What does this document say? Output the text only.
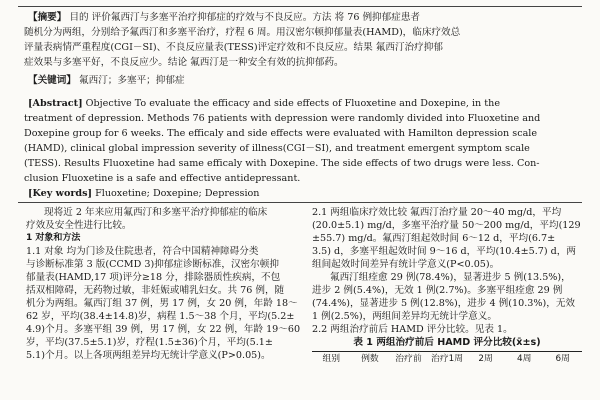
【摘要】 目的 评价氟西汀与多塞平治疗抑郁症的疗效与不良反应。方法 将 76 例抑郁症患者
随机分为两组，分别给予氟西汀和多塞平治疗，疗程 6 周。用汉密尔顿抑郁量表(HAMD)，临床疗效总
评量表病情严重程度(CGI－SI)、不良反应量表(TESS)评定疗效和不良反应。结果 氟西汀治疗抑郁
症效果与多塞平好，不良反应少。结论 氟西汀是一种安全有效的抗抑郁药。
【关键词】 氟西汀；多塞平；抑郁症
[Abstract] Objective To evaluate the efficacy and side effects of Fluoxetine and Doxepine, in the
treatment of depression. Methods 76 patients with depression were randomly divided into Fluoxetine and
Doxepine group for 6 weeks. The efficaly and side effects were evaluated with Hamilton depression scale
(HAMD), clinical global impression severity of illness(CGI－SI), and treatment emergent symptom scale
(TESS). Results Fluoxetine had same efficaly with Doxepine. The side effects of two drugs were less. Con-
clusion Fluoxetine is a safe and effective antidepressant.
[Key words] Fluoxetine; Doxepine; Depression
现将近 2 年来应用氟西汀和多塞平治疗抑郁症的临床
疗效及安全性进行比较。
1 对象和方法
1.1 对象 均为门诊及住院患者，符合中国精神障碍分类
与诊断标准第 3 版(CCMD 3)抑郁症诊断标准，汉密尔顿抑
郁量表(HAMD,17 项)评分≥18 分，排除器质性疾病，不包
括双相障碍，无药物过敏，非妊娠或哺乳妇女。共 76 例，随
机分为两组。氟西汀组 37 例，男 17 例，女 20 例，年龄 18～
62 岁，平均(38.4±14.8)岁，病程 1.5～38 个月，平均(5.2±
4.9)个月。多塞平组 39 例，男 17 例，女 22 例，年龄 19～60
岁，平均(37.5±5.1)岁，疗程(1.5±36)个月，平均(5.1±
5.1)个月。以上各项两组差异均无统计学意义(P>0.05)。
2.1 两组临床疗效比较 氟西汀治疗量 20～40 mg/d，平均
(20.0±5.1) mg/d，多塞平治疗量 50～200 mg/d，平均(129
±55.7) mg/d。氟西汀组起效时间 6～12 d，平均(6.7±
3.5) d，多塞平组起效时间 9～16 d，平均(10.4±5.7) d，两
组间起效时间差异有统计学意义(P<0.05)。
氟西汀组痊愈 29 例(78.4%)，显著进步 5 例(13.5%)，
进步 2 例(5.4%)，无效 1 例(2.7%)。多塞平组痊愈 29 例
(74.4%)，显著进步 5 例(12.8%)，进步 4 例(10.3%)，无效
1 例(2.5%)，两组间差异均无统计学意义。
2.2 两组治疗前后 HAMD 评分比较。见表 1。
表 1 两组治疗前后 HAMD 评分比较(x̄±s)
组别	例数	治疗前	治疗1周	2周	4周	6周
